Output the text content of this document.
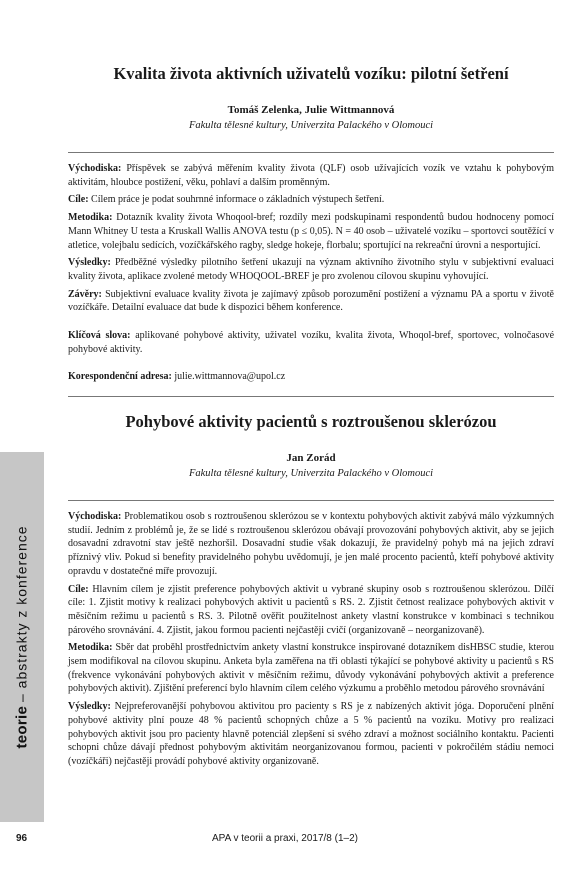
teorie – abstrakty z konference
Kvalita života aktivních uživatelů vozíku: pilotní šetření

Tomáš Zelenka, Julie Wittmannová

Fakulta tělesné kultury, Univerzita Palackého v Olomouci

Východiska: Příspěvek se zabývá měřením kvality života (QLF) osob užívajících vozík ve vztahu k pohybovým aktivitám, hloubce postižení, věku, pohlaví a dalším proměnným.

Cíle: Cílem práce je podat souhrnné informace o základních výstupech šetření.

Metodika: Dotazník kvality života Whoqool-bref; rozdíly mezi podskupinami respondentů budou hodnoceny pomocí Mann Whitney U testa a Kruskall Wallis ANOVA testu (p ≤ 0,05). N = 40 osob – uživatelé vozíku – sportovci soutěžící v atletice, volejbalu sedících, vozíčkářského ragby, sledge hokeje, florbalu; sportující na rekreační úrovni a nesportující.

Výsledky: Předběžné výsledky pilotního šetření ukazují na význam aktivního životního stylu v subjektivní evaluaci kvality života, aplikace zvolené metody WHOQOOL-BREF je pro zvolenou cílovou skupinu vyhovující.

Závěry: Subjektivní evaluace kvality života je zajímavý způsob porozumění postižení a významu PA a sportu v životě vozíčkáře. Detailní evaluace dat bude k dispozici během konference.

Klíčová slova: aplikované pohybové aktivity, uživatel vozíku, kvalita života, Whoqol-bref, sportovec, volnočasové pohybové aktivity.

Korespondenční adresa: julie.wittmannova@upol.cz

Pohybové aktivity pacientů s roztroušenou sklerózou

Jan Zorád

Fakulta tělesné kultury, Univerzita Palackého v Olomouci

Východiska: Problematikou osob s roztroušenou sklerózou se v kontextu pohybových aktivit zabývá málo výzkumných studií. Jedním z problémů je, že se lidé s roztroušenou sklerózou obávají provozování pohybových aktivit, aby se jejich dosavadní zdravotní stav ještě nezhoršil. Dosavadní studie však dokazují, že pravidelný pohyb má na jejich zdraví příznivý vliv. Pokud si benefity pravidelného pohybu uvědomují, je jen malé procento pacientů, kteří pohybové aktivity opravdu v dostatečné míře provozují.

Cíle: Hlavním cílem je zjistit preference pohybových aktivit u vybrané skupiny osob s roztroušenou sklerózou. Dílčí cíle: 1. Zjistit motivy k realizaci pohybových aktivit u pacientů s RS. 2. Zjistit četnost realizace pohybových aktivit v měsíčním režimu u pacientů s RS. 3. Pilotně ověřit použitelnost ankety vlastní konstrukce v kombinaci s technikou párového srovnávání. 4. Zjistit, jakou formou pacienti nejčastěji cvičí (organizovaně – neorganizovaně).

Metodika: Sběr dat proběhl prostřednictvím ankety vlastní konstrukce inspirované dotazníkem disHBSC studie, kterou jsem modifikoval na cílovou skupinu. Anketa byla zaměřena na tři oblasti týkající se pohybové aktivity u pacientů s RS (frekvence vykonávání pohybových aktivit v měsíčním režimu, důvody vykonávání pohybových aktivit a preference pohybových aktivit). Zjištění preferencí bylo hlavním cílem celého výzkumu a proběhlo metodou párového srovnávání

Výsledky: Nejpreferovanější pohybovou aktivitou pro pacienty s RS je z nabízených aktivit jóga. Doporučení plnění pohybové aktivity plní pouze 48 % pacientů schopných chůze a 5 % pacientů na vozíku. Motivy pro realizaci pohybových aktivit jsou pro pacienty hlavně potenciál zlepšení si svého zdraví a možnost sociálního kontaktu. Pacienti schopni chůze dávají přednost pohybovým aktivitám neorganizovanou formou, pacienti v pokročilém stádiu nemoci (vozíčkáři) nejčastěji provádí pohybové aktivity organizovaně.

96	APA v teorii a praxi, 2017/8 (1–2)
